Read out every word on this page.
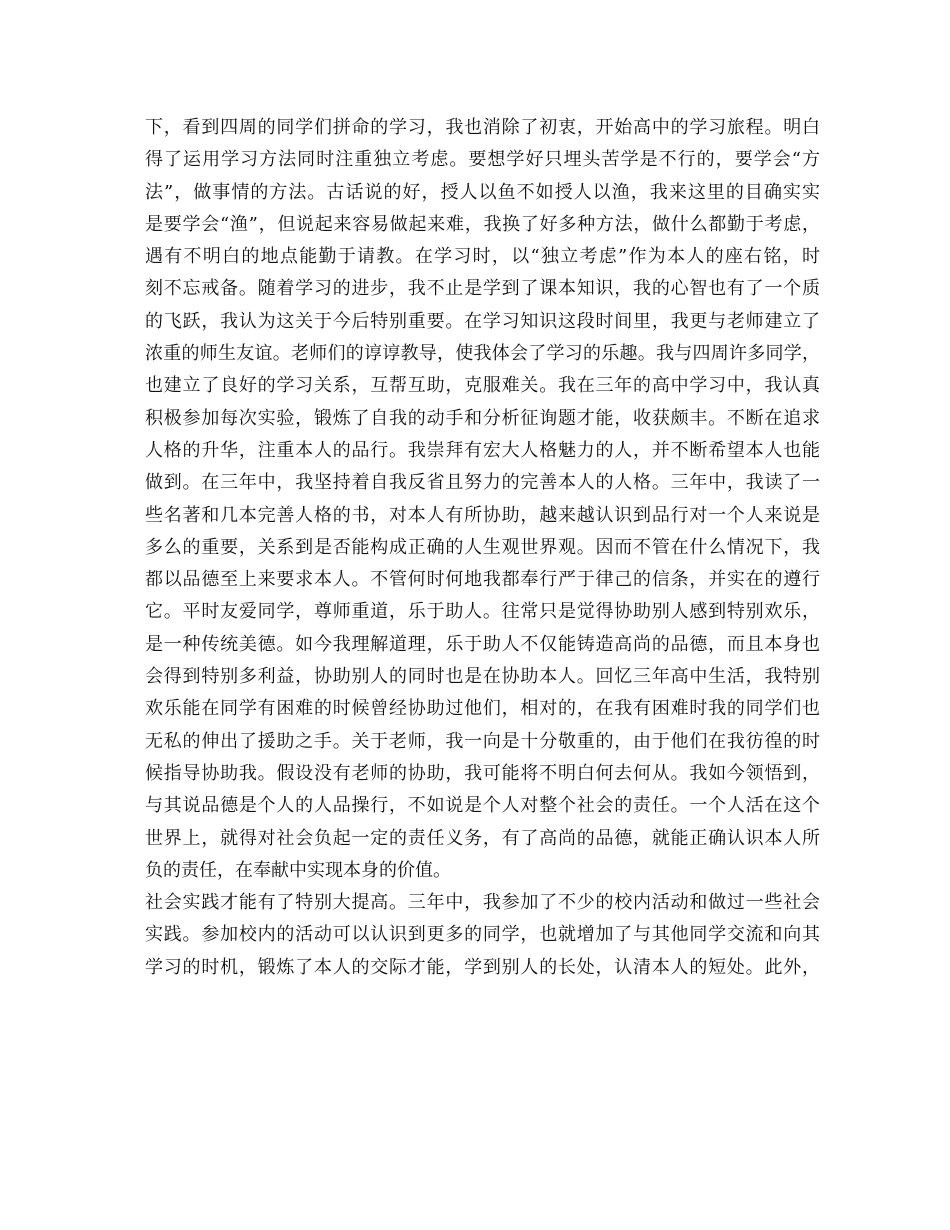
下，看到四周的同学们拼命的学习，我也消除了初衷，开始高中的学习旅程。明白
得了运用学习方法同时注重独立考虑。要想学好只埋头苦学是不行的，要学会“方
法”，做事情的方法。古话说的好，授人以鱼不如授人以渔，我来这里的目确实实
是要学会“渔”，但说起来容易做起来难，我换了好多种方法，做什么都勤于考虑，
遇有不明白的地点能勤于请教。在学习时，以“独立考虑”作为本人的座右铭，时
刻不忘戒备。随着学习的进步，我不止是学到了课本知识，我的心智也有了一个质
的飞跃，我认为这关于今后特别重要。在学习知识这段时间里，我更与老师建立了
浓重的师生友谊。老师们的谆谆教导，使我体会了学习的乐趣。我与四周许多同学，
也建立了良好的学习关系，互帮互助，克服难关。我在三年的高中学习中，我认真
积极参加每次实验，锻炼了自我的动手和分析征询题才能，收获颇丰。不断在追求
人格的升华，注重本人的品行。我崇拜有宏大人格魅力的人，并不断希望本人也能
做到。在三年中，我坚持着自我反省且努力的完善本人的人格。三年中，我读了一
些名著和几本完善人格的书，对本人有所协助，越来越认识到品行对一个人来说是
多么的重要，关系到是否能构成正确的人生观世界观。因而不管在什么情况下，我
都以品德至上来要求本人。不管何时何地我都奉行严于律己的信条，并实在的遵行
它。平时友爱同学，尊师重道，乐于助人。往常只是觉得协助别人感到特别欢乐，
是一种传统美德。如今我理解道理，乐于助人不仅能铸造高尚的品德，而且本身也
会得到特别多利益，协助别人的同时也是在协助本人。回忆三年高中生活，我特别
欢乐能在同学有困难的时候曾经协助过他们，相对的，在我有困难时我的同学们也
无私的伸出了援助之手。关于老师，我一向是十分敬重的，由于他们在我彷徨的时
候指导协助我。假设没有老师的协助，我可能将不明白何去何从。我如今领悟到，
与其说品德是个人的人品操行，不如说是个人对整个社会的责任。一个人活在这个
世界上，就得对社会负起一定的责任义务，有了高尚的品德，就能正确认识本人所
负的责任，在奉献中实现本身的价值。
社会实践才能有了特别大提高。三年中，我参加了不少的校内活动和做过一些社会
实践。参加校内的活动可以认识到更多的同学，也就增加了与其他同学交流和向其
学习的时机，锻炼了本人的交际才能，学到别人的长处，认清本人的短处。此外，
